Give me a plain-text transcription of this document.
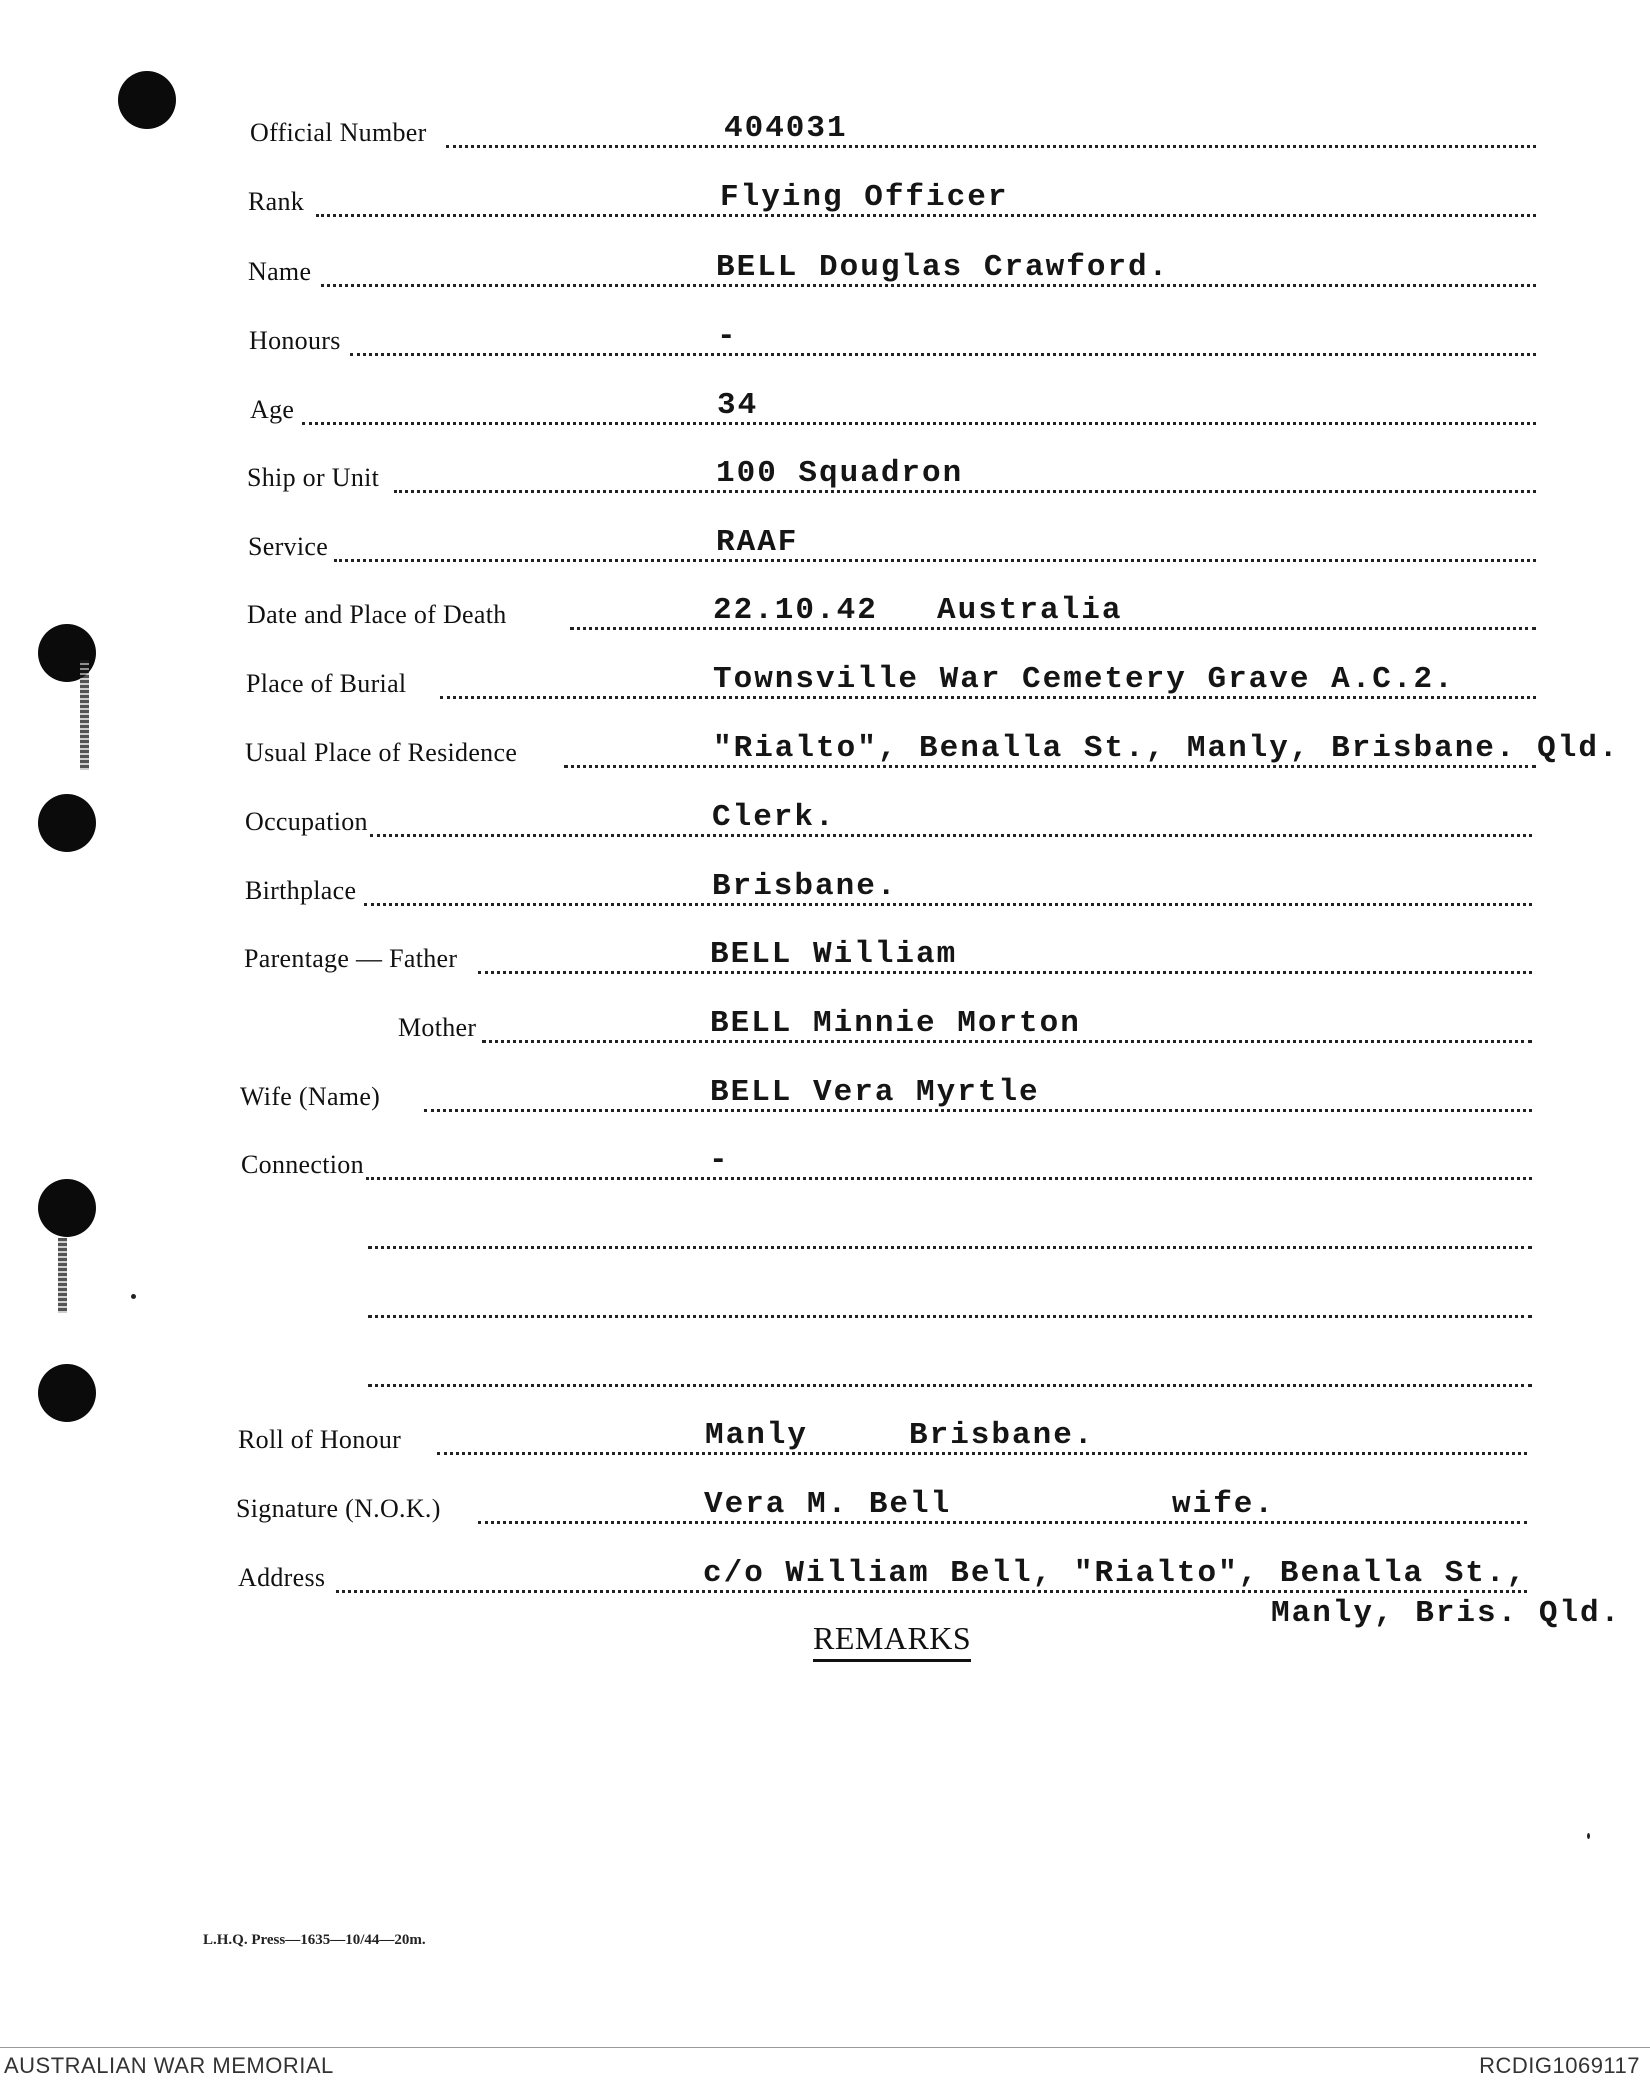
Official Number	404031
Rank	Flying Officer
Name	BELL Douglas Crawford.
Honours	-
Age	34
Ship or Unit	100 Squadron
Service	RAAF
Date and Place of Death	22.10.42 Australia
Place of Burial	Townsville War Cemetery Grave A.C.2.
Usual Place of Residence	"Rialto", Benalla St., Manly, Brisbane. Qld.
Occupation	Clerk.
Birthplace	Brisbane.
Parentage — Father	BELL William
Mother	BELL Minnie Morton
Wife (Name)	BELL Vera Myrtle
Connection	-
Roll of Honour	Manly	Brisbane.
Signature (N.O.K.)	Vera M. Bell	wife.
Address	c/o William Bell, "Rialto", Benalla St.,
Manly, Bris. Qld.
REMARKS
L.H.Q. Press—1635—10/44—20m.
AUSTRALIAN WAR MEMORIAL	RCDIG1069117
